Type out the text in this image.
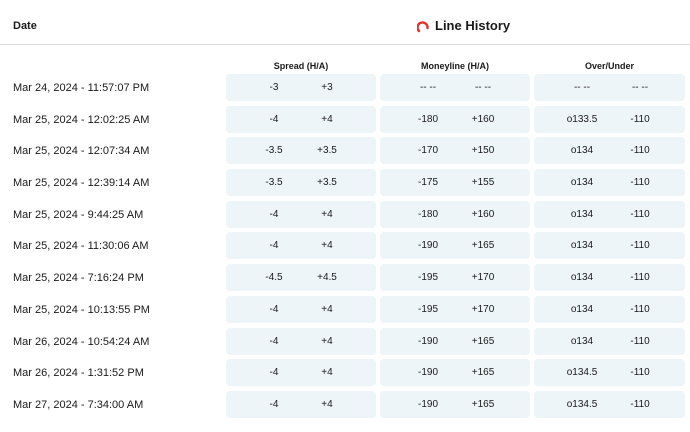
Date	Line History
Spread (H/A)	Moneyline (H/A)	Over/Under
Mar 24, 2024 - 11:57:07 PM	-3	+3	-- --	-- --	-- --	-- --
Mar 25, 2024 - 12:02:25 AM	-4	+4	-180	+160	o133.5	-110
Mar 25, 2024 - 12:07:34 AM	-3.5	+3.5	-170	+150	o134	-110
Mar 25, 2024 - 12:39:14 AM	-3.5	+3.5	-175	+155	o134	-110
Mar 25, 2024 - 9:44:25 AM	-4	+4	-180	+160	o134	-110
Mar 25, 2024 - 11:30:06 AM	-4	+4	-190	+165	o134	-110
Mar 25, 2024 - 7:16:24 PM	-4.5	+4.5	-195	+170	o134	-110
Mar 25, 2024 - 10:13:55 PM	-4	+4	-195	+170	o134	-110
Mar 26, 2024 - 10:54:24 AM	-4	+4	-190	+165	o134	-110
Mar 26, 2024 - 1:31:52 PM	-4	+4	-190	+165	o134.5	-110
Mar 27, 2024 - 7:34:00 AM	-4	+4	-190	+165	o134.5	-110
